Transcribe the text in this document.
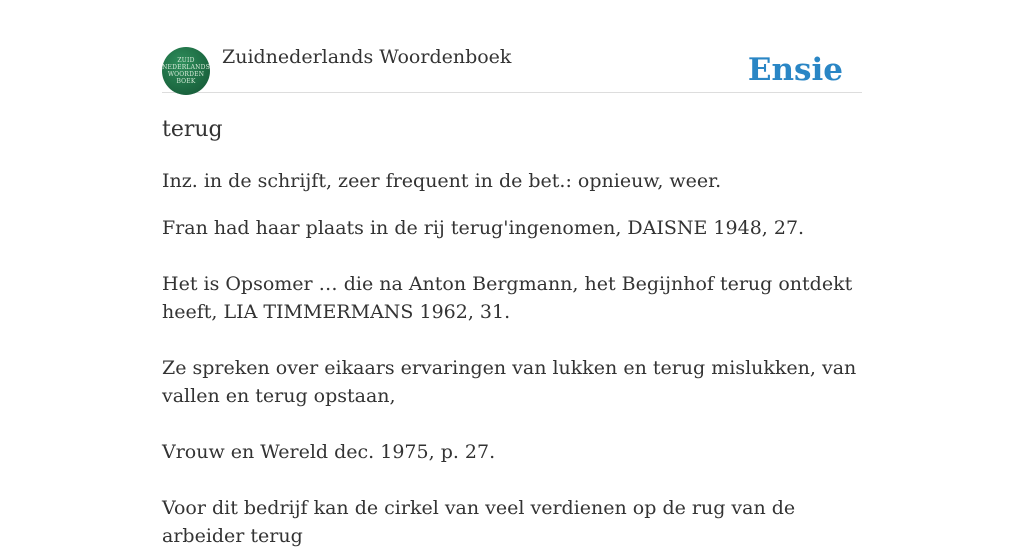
ZUID
NEDERLANDS
WOORDEN
BOEK
Zuidnederlands Woordenboek	Ensie
terug

Inz. in de schrijft, zeer frequent in de bet.: opnieuw, weer.

Fran had haar plaats in de rij terug'ingenomen, DAISNE 1948, 27.

Het is Opsomer … die na Anton Bergmann, het Begijnhof terug ontdekt heeft, LIA TIMMERMANS 1962, 31.

Ze spreken over eikaars ervaringen van lukken en terug mislukken, van vallen en terug opstaan,

Vrouw en Wereld dec. 1975, p. 27.

Voor dit bedrijf kan de cirkel van veel verdienen op de rug van de arbeider terug
